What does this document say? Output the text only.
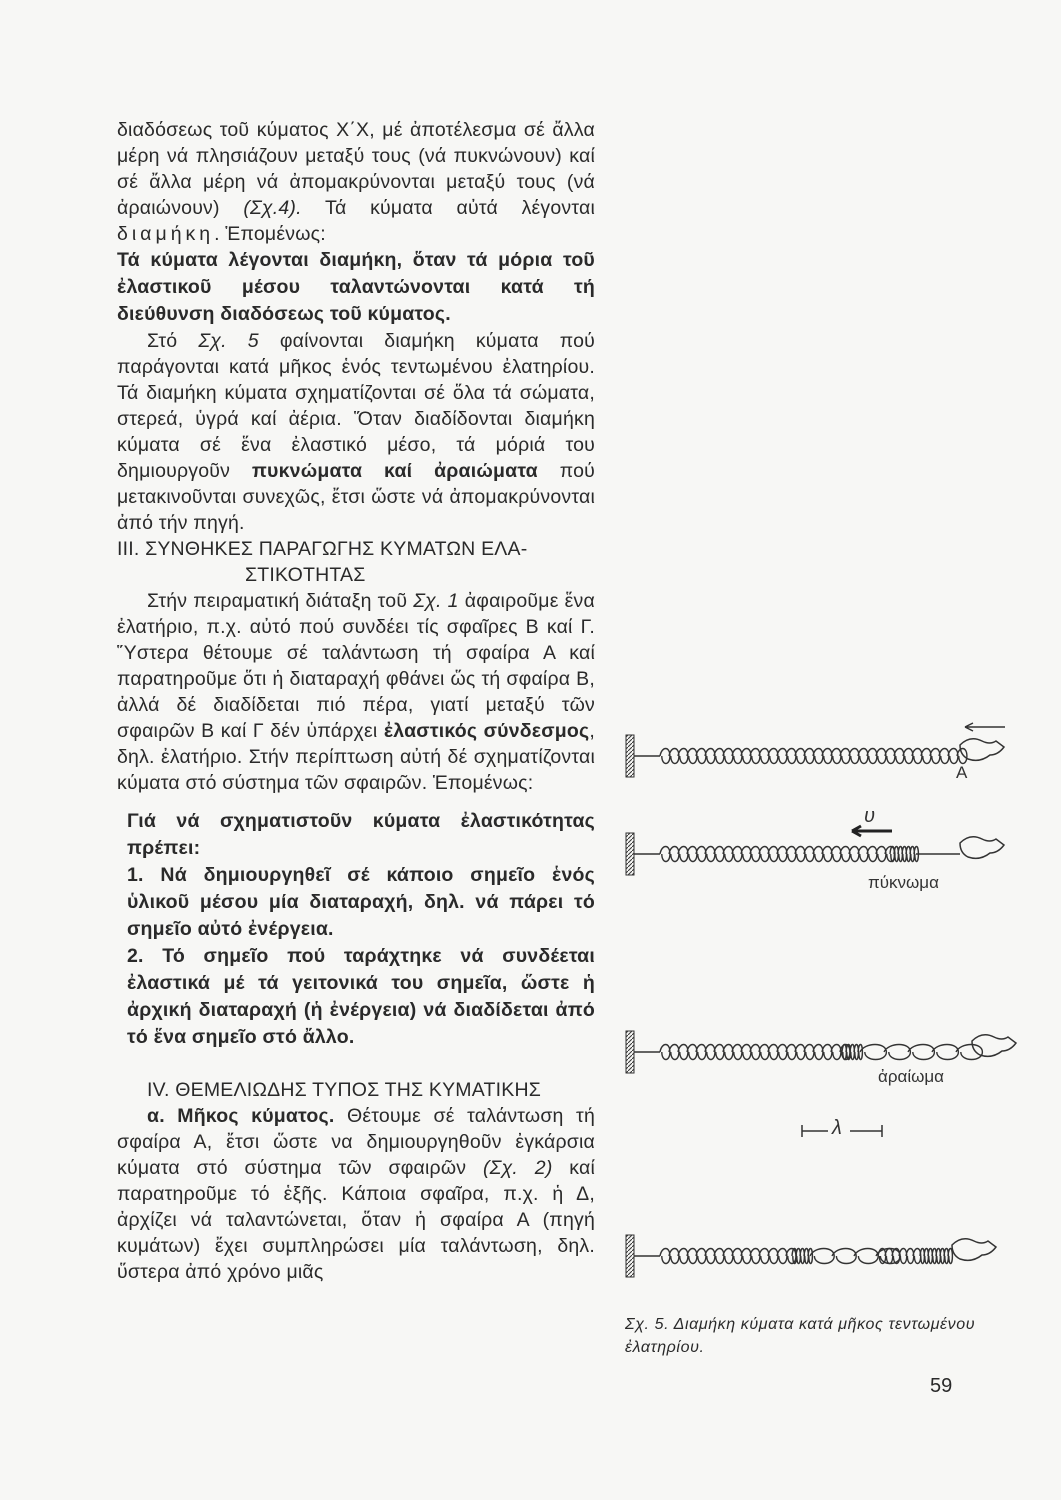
διαδόσεως τοῦ κύματος Χ΄Χ, μέ ἀποτέλεσμα σέ ἄλλα μέρη νά πλησιάζουν μεταξύ τους (νά πυκνώνουν) καί σέ ἄλλα μέρη νά ἀπομακρύνονται μεταξύ τους (νά ἀραιώνουν) (Σχ.4). Τά κύματα αὐτά λέγονται διαμήκη. Ἑπομένως:

Τά κύματα λέγονται διαμήκη, ὅταν τά μόρια τοῦ ἐλαστικοῦ μέσου ταλαντώνονται κατά τή διεύθυνση διαδόσεως τοῦ κύματος.

Στό Σχ. 5 φαίνονται διαμήκη κύματα πού παράγονται κατά μῆκος ἑνός τεντωμένου ἐλατηρίου. Τά διαμήκη κύματα σχηματίζονται σέ ὅλα τά σώματα, στερεά, ὑγρά καί ἀέρια. Ὅταν διαδίδονται διαμήκη κύματα σέ ἕνα ἐλαστικό μέσο, τά μόριά του δημιουργοῦν πυκνώματα καί ἀραιώματα πού μετακινοῦνται συνεχῶς, ἔτσι ὥστε νά ἀπομακρύνονται ἀπό τήν πηγή.

ΙΙΙ. ΣΥΝΘΗΚΕΣ ΠΑΡΑΓΩΓΗΣ ΚΥΜΑΤΩΝ ΕΛΑ-
ΣΤΙΚΟΤΗΤΑΣ

Στήν πειραματική διάταξη τοῦ Σχ. 1 ἀφαιροῦμε ἕνα ἐλατήριο, π.χ. αὐτό πού συνδέει τίς σφαῖρες Β καί Γ. Ὕστερα θέτουμε σέ ταλάντωση τή σφαίρα Α καί παρατηροῦμε ὅτι ἡ διαταραχή φθάνει ὥς τή σφαίρα Β, ἀλλά δέ διαδίδεται πιό πέρα, γιατί μεταξύ τῶν σφαιρῶν Β καί Γ δέν ὑπάρχει ἐλαστικός σύνδεσμος, δηλ. ἐλατήριο. Στήν περίπτωση αὐτή δέ σχηματίζονται κύματα στό σύστημα τῶν σφαιρῶν. Ἑπομένως:

Γιά νά σχηματιστοῦν κύματα ἐλαστικότητας πρέπει:
1. Νά δημιουργηθεῖ σέ κάποιο σημεῖο ἑνός ὑλικοῦ μέσου μία διαταραχή, δηλ. νά πάρει τό σημεῖο αὐτό ἐνέργεια.
2. Τό σημεῖο πού ταράχτηκε νά συνδέεται ἐλαστικά μέ τά γειτονικά του σημεῖα, ὥστε ἡ ἀρχική διαταραχή (ἡ ἐνέργεια) νά διαδίδεται ἀπό τό ἕνα σημεῖο στό ἄλλο.

IV. ΘΕΜΕΛΙΩΔΗΣ ΤΥΠΟΣ ΤΗΣ ΚΥΜΑΤΙΚΗΣ

α. Μῆκος κύματος. Θέτουμε σέ ταλάντωση τή σφαίρα Α, ἔτσι ὥστε να δημιουργηθοῦν ἐγκάρσια κύματα στό σύστημα τῶν σφαιρῶν (Σχ. 2) καί παρατηροῦμε τό ἑξῆς. Κάποια σφαῖρα, π.χ. ἡ Δ, ἀρχίζει νά ταλαντώνεται, ὅταν ἡ σφαίρα Α (πηγή κυμάτων) ἔχει συμπληρώσει μία ταλάντωση, δηλ. ὕστερα ἀπό χρόνο μιᾶς

Α
υ
πύκνωμα
ἀραίωμα
λ

Σχ. 5. Διαμήκη κύματα κατά μῆκος τεντωμένου ἐλατηρίου.

59
